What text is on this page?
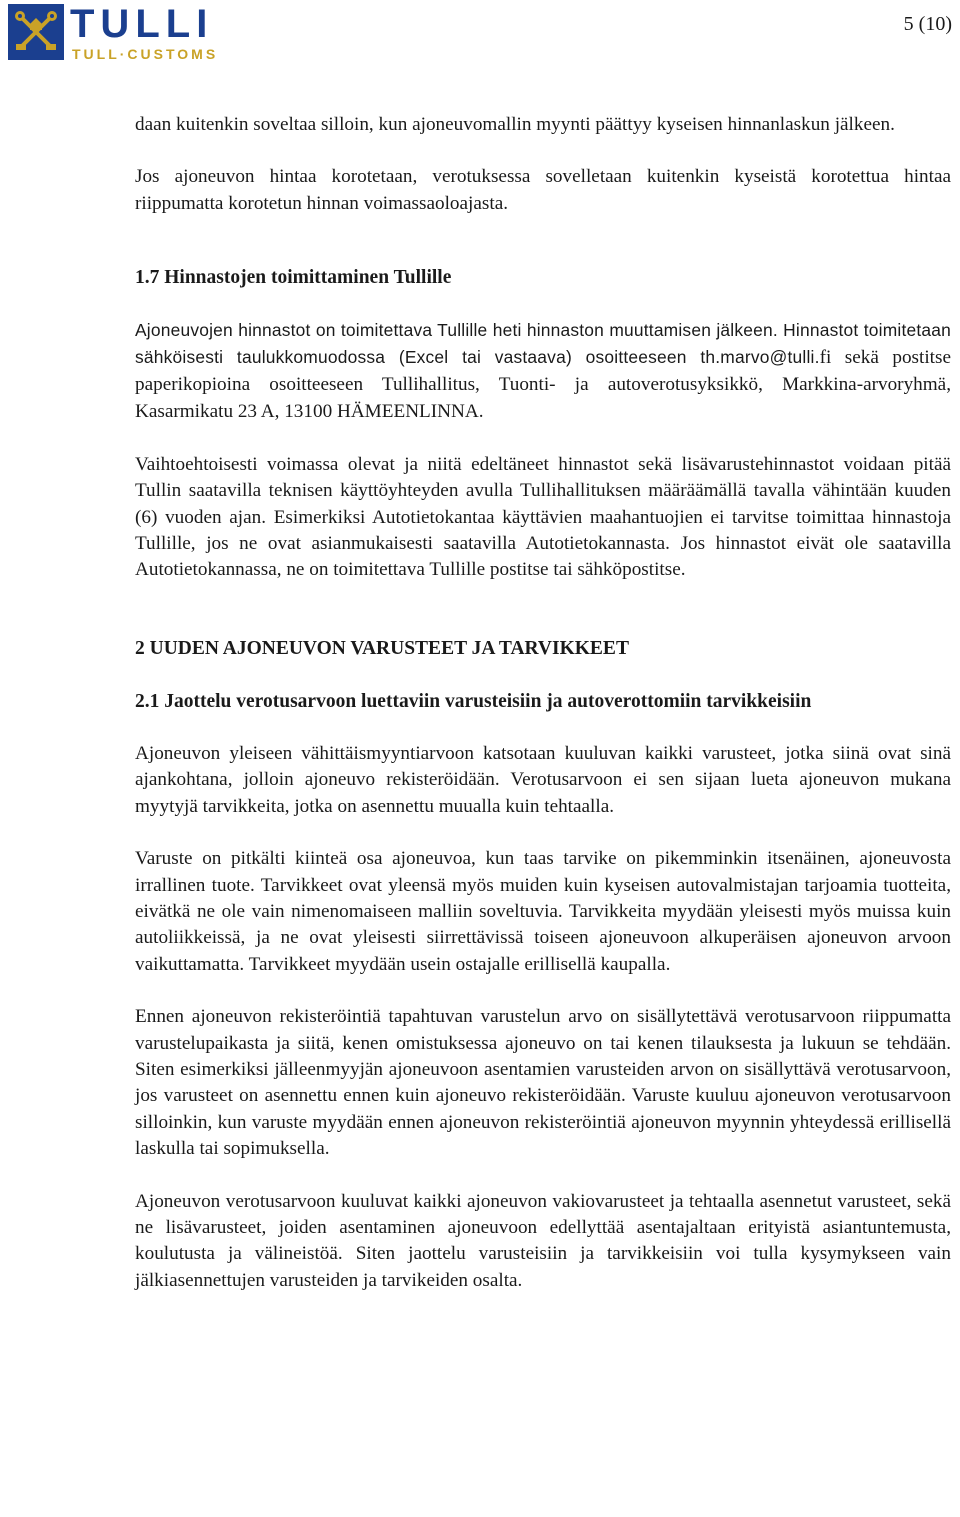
TULLI
TULL·CUSTOMS
5 (10)

daan kuitenkin soveltaa silloin, kun ajoneuvomallin myynti päättyy kyseisen hinnanlaskun jälkeen.

Jos ajoneuvon hintaa korotetaan, verotuksessa sovelletaan kuitenkin kyseistä korotettua hintaa riippumatta korotetun hinnan voimassaoloajasta.

1.7 Hinnastojen toimittaminen Tullille

Ajoneuvojen hinnastot on toimitettava Tullille heti hinnaston muuttamisen jälkeen. Hinnastot toimitetaan sähköisesti taulukkomuodossa (Excel tai vastaava) osoitteeseen th.marvo@tulli.fi sekä postitse paperikopioina osoitteeseen Tullihallitus, Tuonti- ja autoverotusyksikkö, Markkina-arvoryhmä, Kasarmikatu 23 A, 13100 HÄMEENLINNA.

Vaihtoehtoisesti voimassa olevat ja niitä edeltäneet hinnastot sekä lisävarustehinnastot voidaan pitää Tullin saatavilla teknisen käyttöyhteyden avulla Tullihallituksen määräämällä tavalla vähintään kuuden (6) vuoden ajan. Esimerkiksi Autotietokantaa käyttävien maahantuojien ei tarvitse toimittaa hinnastoja Tullille, jos ne ovat asianmukaisesti saatavilla Autotietokannasta. Jos hinnastot eivät ole saatavilla Autotietokannassa, ne on toimitettava Tullille postitse tai sähköpostitse.

2 UUDEN AJONEUVON VARUSTEET JA TARVIKKEET
2.1 Jaottelu verotusarvoon luettaviin varusteisiin ja autoverottomiin tarvikkeisiin

Ajoneuvon yleiseen vähittäismyyntiarvoon katsotaan kuuluvan kaikki varusteet, jotka siinä ovat sinä ajankohtana, jolloin ajoneuvo rekisteröidään. Verotusarvoon ei sen sijaan lueta ajoneuvon mukana myytyjä tarvikkeita, jotka on asennettu muualla kuin tehtaalla.

Varuste on pitkälti kiinteä osa ajoneuvoa, kun taas tarvike on pikemminkin itsenäinen, ajoneuvosta irrallinen tuote. Tarvikkeet ovat yleensä myös muiden kuin kyseisen autovalmistajan tarjoamia tuotteita, eivätkä ne ole vain nimenomaiseen malliin soveltuvia. Tarvikkeita myydään yleisesti myös muissa kuin autoliikkeissä, ja ne ovat yleisesti siirrettävissä toiseen ajoneuvoon alkuperäisen ajoneuvon arvoon vaikuttamatta. Tarvikkeet myydään usein ostajalle erillisellä kaupalla.

Ennen ajoneuvon rekisteröintiä tapahtuvan varustelun arvo on sisällytettävä verotusarvoon riippumatta varustelupaikasta ja siitä, kenen omistuksessa ajoneuvo on tai kenen tilauksesta ja lukuun se tehdään. Siten esimerkiksi jälleenmyyjän ajoneuvoon asentamien varusteiden arvon on sisällyttävä verotusarvoon, jos varusteet on asennettu ennen kuin ajoneuvo rekisteröidään. Varuste kuuluu ajoneuvon verotusarvoon silloinkin, kun varuste myydään ennen ajoneuvon rekisteröintiä ajoneuvon myynnin yhteydessä erillisellä laskulla tai sopimuksella.

Ajoneuvon verotusarvoon kuuluvat kaikki ajoneuvon vakiovarusteet ja tehtaalla asennetut varusteet, sekä ne lisävarusteet, joiden asentaminen ajoneuvoon edellyttää asentajaltaan erityistä asiantuntemusta, koulutusta ja välineistöä. Siten jaottelu varusteisiin ja tarvikkeisiin voi tulla kysymykseen vain jälkiasennettujen varusteiden ja tarvikeiden osalta.
